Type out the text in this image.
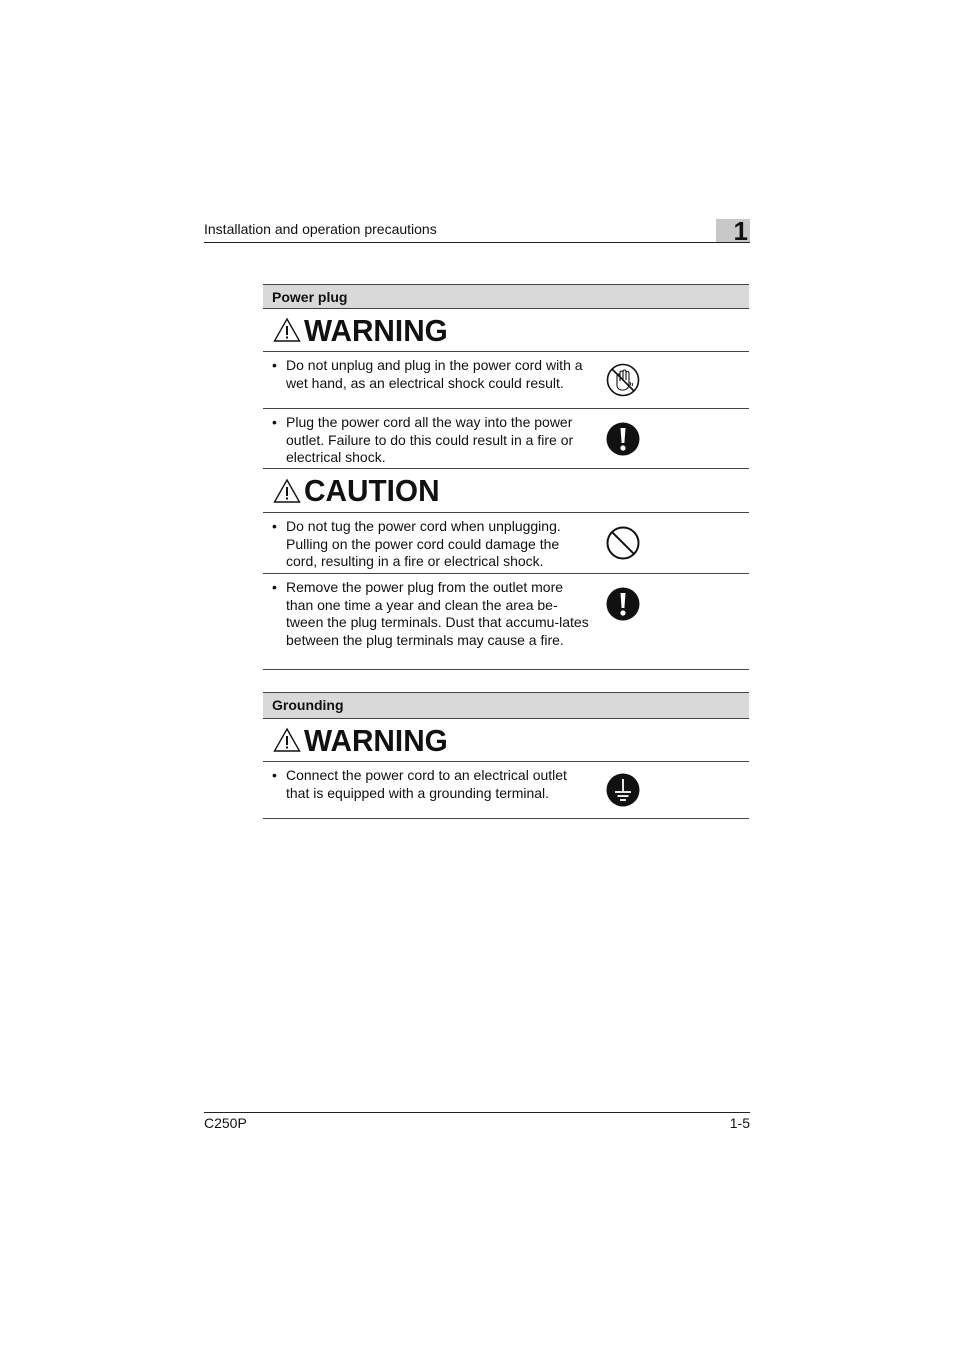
Installation and operation precautions	1
Power plug
WARNING
• Do not unplug and plug in the power cord with a wet hand, as an electrical shock could result.
• Plug the power cord all the way into the power outlet. Failure to do this could result in a fire or electrical shock.
CAUTION
• Do not tug the power cord when unplugging. Pulling on the power cord could damage the cord, resulting in a fire or electrical shock.
• Remove the power plug from the outlet more than one time a year and clean the area be-tween the plug terminals. Dust that accumu-lates between the plug terminals may cause a fire.
Grounding
WARNING
• Connect the power cord to an electrical outlet that is equipped with a grounding terminal.
C250P	1-5
